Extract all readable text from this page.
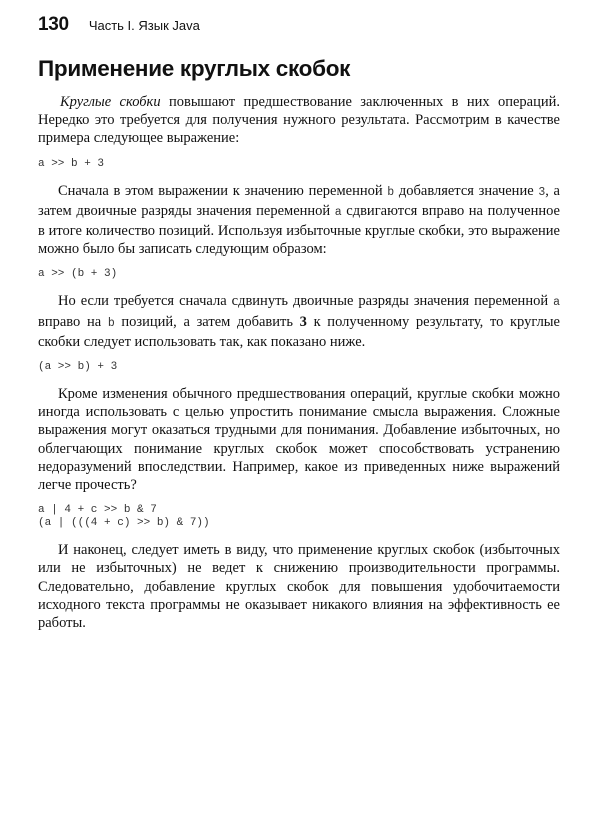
130 Часть I. Язык Java
Применение круглых скобок

Круглые скобки повышают предшествование заключенных в них операций. Нередко это требуется для получения нужного результата. Рассмотрим в качестве примера следующее выражение:

a >> b + 3

Сначала в этом выражении к значению переменной b добавляется значение 3, а затем двоичные разряды значения переменной a сдвигаются вправо на полученное в итоге количество позиций. Используя избыточные круглые скобки, это выражение можно было бы записать следующим образом:

a >> (b + 3)

Но если требуется сначала сдвинуть двоичные разряды значения переменной a вправо на b позиций, а затем добавить 3 к полученному результату, то круглые скобки следует использовать так, как показано ниже.

(a >> b) + 3

Кроме изменения обычного предшествования операций, круглые скобки можно иногда использовать с целью упростить понимание смысла выражения. Сложные выражения могут оказаться трудными для понимания. Добавление избыточных, но облегчающих понимание круглых скобок может способствовать устранению недоразумений впоследствии. Например, какое из приведенных ниже выражений легче прочесть?

a | 4 + c >> b & 7
(a | (((4 + c) >> b) & 7))

И наконец, следует иметь в виду, что применение круглых скобок (избыточных или не избыточных) не ведет к снижению производительности программы. Следовательно, добавление круглых скобок для повышения удобочитаемости исходного текста программы не оказывает никакого влияния на эффективность ее работы.
